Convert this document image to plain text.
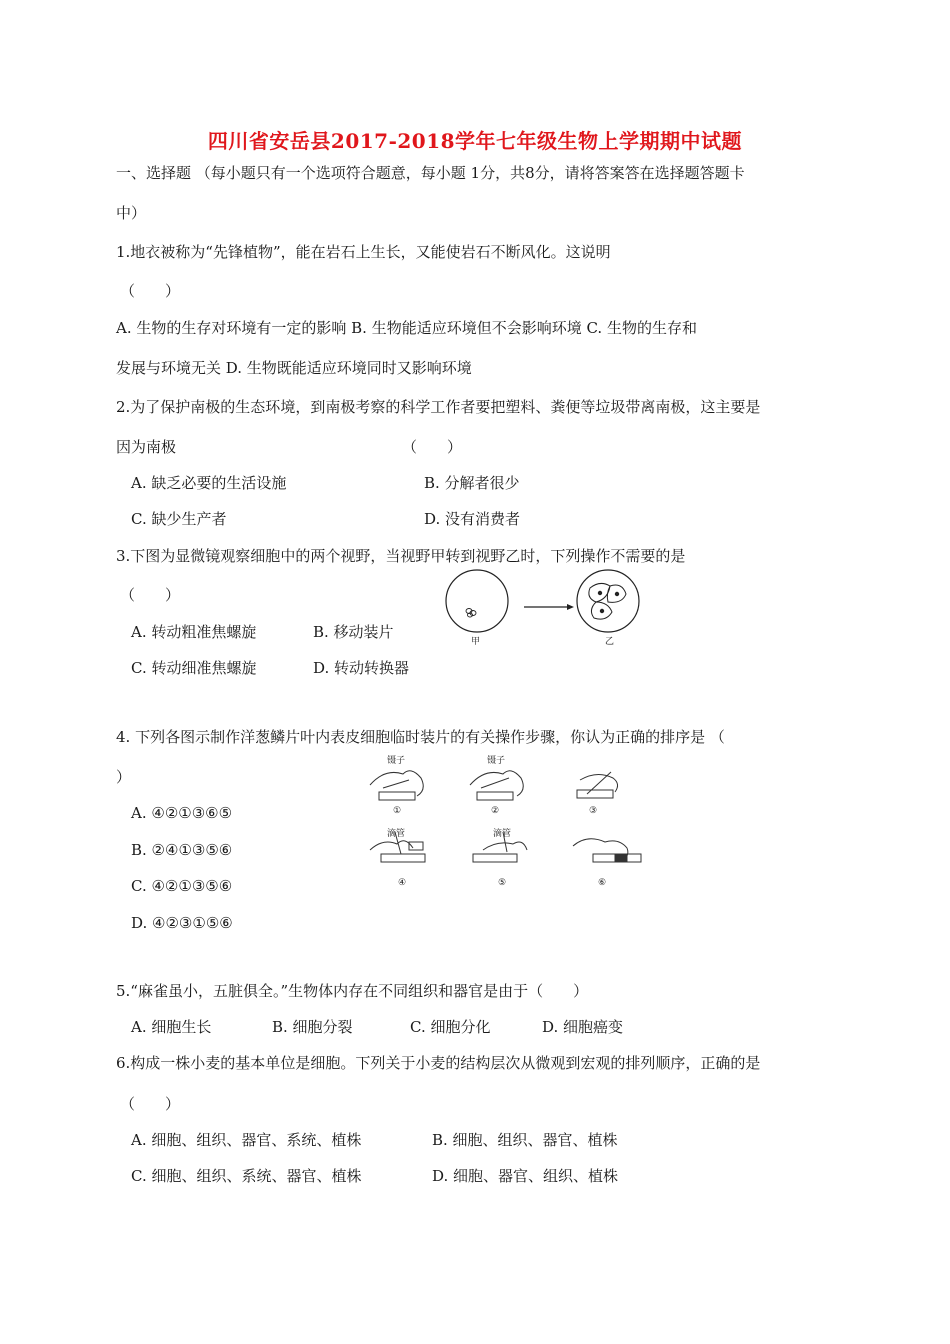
四川省安岳县2017-2018学年七年级生物上学期期中试题
一、选择题 （每小题只有一个选项符合题意，每小题 1分，共8分，请将答案答在选择题答题卡
中）
1.地衣被称为“先锋植物”，能在岩石上生长，又能使岩石不断风化。这说明
（　　）
A. 生物的生存对环境有一定的影响 B. 生物能适应环境但不会影响环境 C. 生物的生存和
发展与环境无关 D. 生物既能适应环境同时又影响环境
2.为了保护南极的生态环境，到南极考察的科学工作者要把塑料、粪便等垃圾带离南极，这主要是
因为南极	（　　）
A. 缺乏必要的生活设施	B. 分解者很少
C. 缺少生产者	D. 没有消费者
3.下图为显微镜观察细胞中的两个视野，当视野甲转到视野乙时，下列操作不需要的是
（　　）
A. 转动粗准焦螺旋	B. 移动装片
C. 转动细准焦螺旋	D. 转动转换器
甲	乙
4. 下列各图示制作洋葱鳞片叶内表皮细胞临时装片的有关操作步骤，你认为正确的排序是 （
）
A. ④②①③⑥⑤
B. ②④①③⑤⑥
C. ④②①③⑤⑥
D. ④②③①⑤⑥
镊子	镊子
滴管	滴管
①	②	③
④	⑤	⑥
5.“麻雀虽小，五脏俱全。”生物体内存在不同组织和器官是由于（　　）
A. 细胞生长	B. 细胞分裂	C. 细胞分化	D. 细胞癌变
6.构成一株小麦的基本单位是细胞。下列关于小麦的结构层次从微观到宏观的排列顺序，正确的是
（　　）
A. 细胞、组织、器官、系统、植株	B. 细胞、组织、器官、植株
C. 细胞、组织、系统、器官、植株	D. 细胞、器官、组织、植株
